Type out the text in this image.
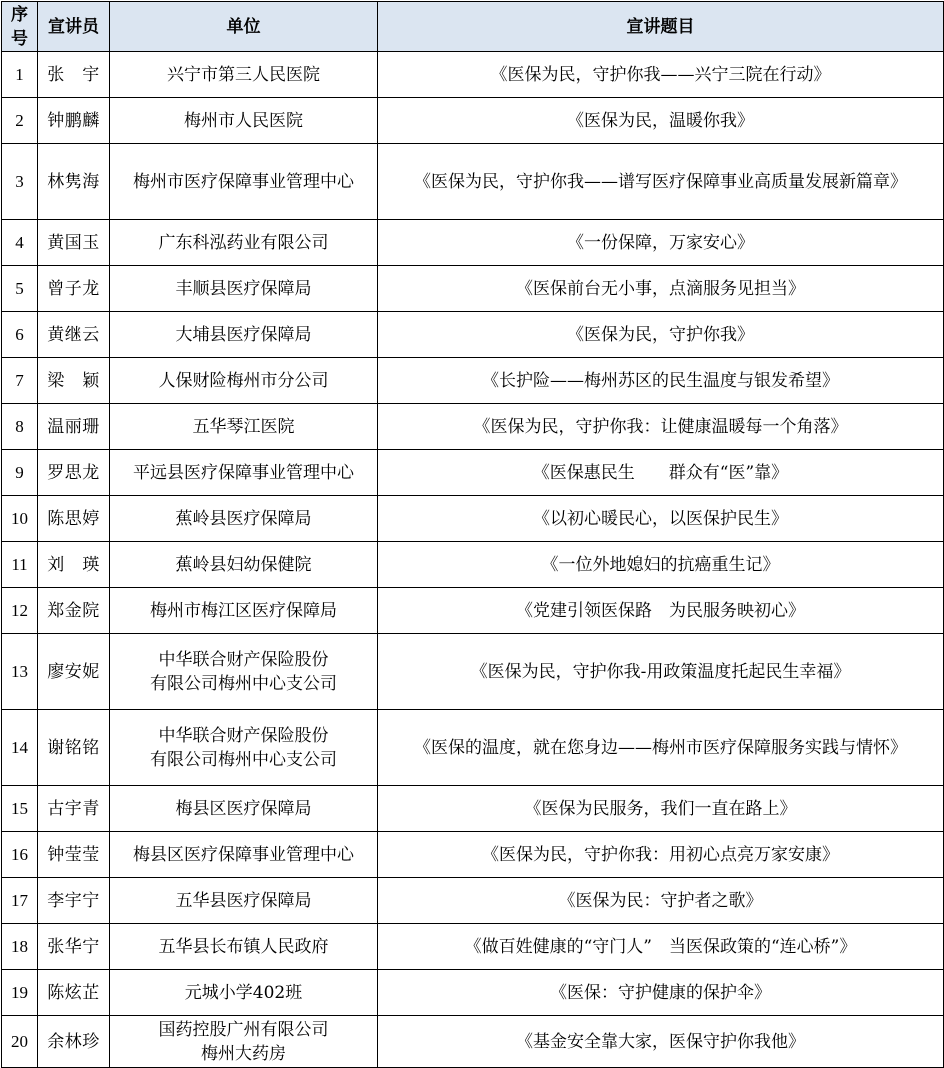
序
号	宣讲员	单位	宣讲题目
1	张　宇	兴宁市第三人民医院	《医保为民，守护你我——兴宁三院在行动》
2	钟鹏麟	梅州市人民医院	《医保为民，温暖你我》
3	林隽海	梅州市医疗保障事业管理中心	《医保为民，守护你我——谱写医疗保障事业高质量发展新篇章》
4	黄国玉	广东科泓药业有限公司	《一份保障，万家安心》
5	曾子龙	丰顺县医疗保障局	《医保前台无小事，点滴服务见担当》
6	黄继云	大埔县医疗保障局	《医保为民，守护你我》
7	梁　颖	人保财险梅州市分公司	《长护险——梅州苏区的民生温度与银发希望》
8	温丽珊	五华琴江医院	《医保为民，守护你我：让健康温暖每一个角落》
9	罗思龙	平远县医疗保障事业管理中心	《医保惠民生　　群众有“医”靠》
10	陈思婷	蕉岭县医疗保障局	《以初心暖民心，以医保护民生》
11	刘　瑛	蕉岭县妇幼保健院	《一位外地媳妇的抗癌重生记》
12	郑金院	梅州市梅江区医疗保障局	《党建引领医保路　为民服务映初心》
13	廖安妮	中华联合财产保险股份
有限公司梅州中心支公司	《医保为民，守护你我-用政策温度托起民生幸福》
14	谢铭铭	中华联合财产保险股份
有限公司梅州中心支公司	《医保的温度，就在您身边——梅州市医疗保障服务实践与情怀》
15	古宇青	梅县区医疗保障局	《医保为民服务，我们一直在路上》
16	钟莹莹	梅县区医疗保障事业管理中心	《医保为民，守护你我：用初心点亮万家安康》
17	李宇宁	五华县医疗保障局	《医保为民：守护者之歌》
18	张华宁	五华县长布镇人民政府	《做百姓健康的“守门人”　当医保政策的“连心桥”》
19	陈炫芷	元城小学402班	《医保：守护健康的保护伞》
20	余林珍	国药控股广州有限公司
梅州大药房	《基金安全靠大家，医保守护你我他》
